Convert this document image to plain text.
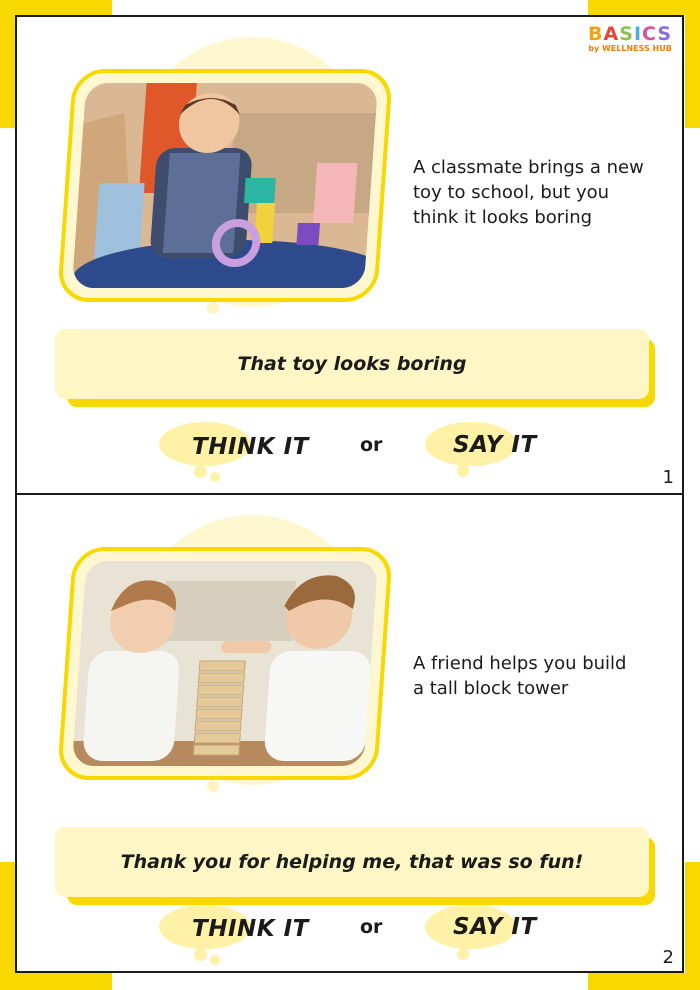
BASICS
by WELLNESS HUB
A classmate brings a new
toy to school, but you
think it looks boring
That toy looks boring
THINK IT	or	SAY IT
1
A friend helps you build
a tall block tower
Thank you for helping me, that was so fun!
THINK IT	or	SAY IT
2
